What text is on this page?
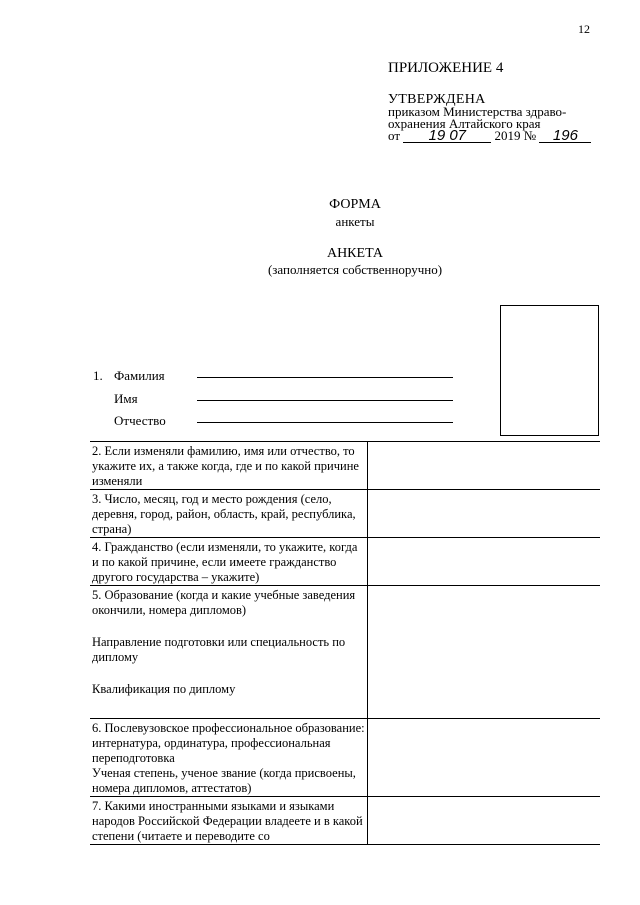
12
ПРИЛОЖЕНИЕ 4
УТВЕРЖДЕНА
приказом Министерства здраво-
охранения Алтайского края
от 19 07 2019 № 196
ФОРМА
анкеты
АНКЕТА
(заполняется собственноручно)
1. Фамилия
Имя
Отчество
2. Если изменяли фамилию, имя или отчество, то укажите их, а также когда, где и по какой причине изменяли	

3. Число, месяц, год и место рождения (село, деревня, город, район, область, край, республика, страна)	

4. Гражданство (если изменяли, то укажите, когда и по какой причине, если имеете гражданство другого государства – укажите)	

5. Образование (когда и какие учебные заведения окончили, номера дипломов)
Направление подготовки или специальность по диплому
Квалификация по диплому	

6. Послевузовское профессиональное образование: интернатура, ординатура, профессиональная переподготовка
Ученая степень, ученое звание (когда присвоены, номера дипломов, аттестатов)	

7. Какими иностранными языками и языками народов Российской Федерации владеете и в какой степени (читаете и переводите со	
